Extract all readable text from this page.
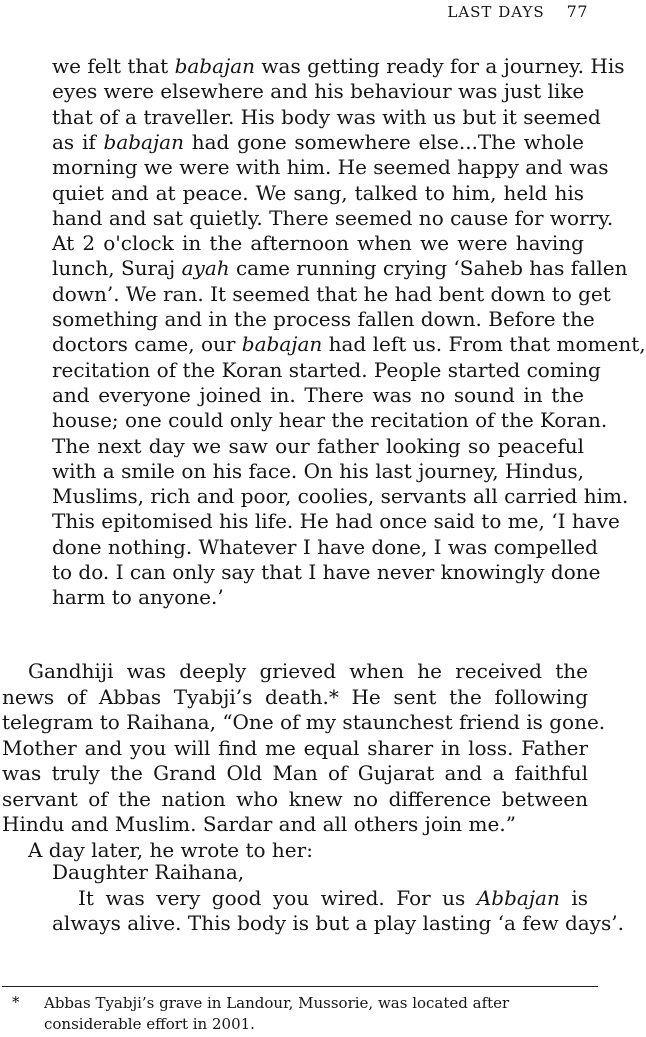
LAST DAYS 77
we felt that babajan was getting ready for a journey. His
eyes were elsewhere and his behaviour was just like
that of a traveller. His body was with us but it seemed
as if babajan had gone somewhere else...The whole
morning we were with him. He seemed happy and was
quiet and at peace. We sang, talked to him, held his
hand and sat quietly. There seemed no cause for worry.
At 2 o'clock in the afternoon when we were having
lunch, Suraj ayah came running crying ‘Saheb has fallen
down’. We ran. It seemed that he had bent down to get
something and in the process fallen down. Before the
doctors came, our babajan had left us. From that moment,
recitation of the Koran started. People started coming
and everyone joined in. There was no sound in the
house; one could only hear the recitation of the Koran.
The next day we saw our father looking so peaceful
with a smile on his face. On his last journey, Hindus,
Muslims, rich and poor, coolies, servants all carried him.
This epitomised his life. He had once said to me, ‘I have
done nothing. Whatever I have done, I was compelled
to do. I can only say that I have never knowingly done
harm to anyone.’
Gandhiji was deeply grieved when he received the
news of Abbas Tyabji’s death.* He sent the following
telegram to Raihana, “One of my staunchest friend is gone.
Mother and you will find me equal sharer in loss. Father
was truly the Grand Old Man of Gujarat and a faithful
servant of the nation who knew no difference between
Hindu and Muslim. Sardar and all others join me.”
A day later, he wrote to her:
Daughter Raihana,
It was very good you wired. For us Abbajan is
always alive. This body is but a play lasting ‘a few days’.
* Abbas Tyabji’s grave in Landour, Mussorie, was located after
considerable effort in 2001.
